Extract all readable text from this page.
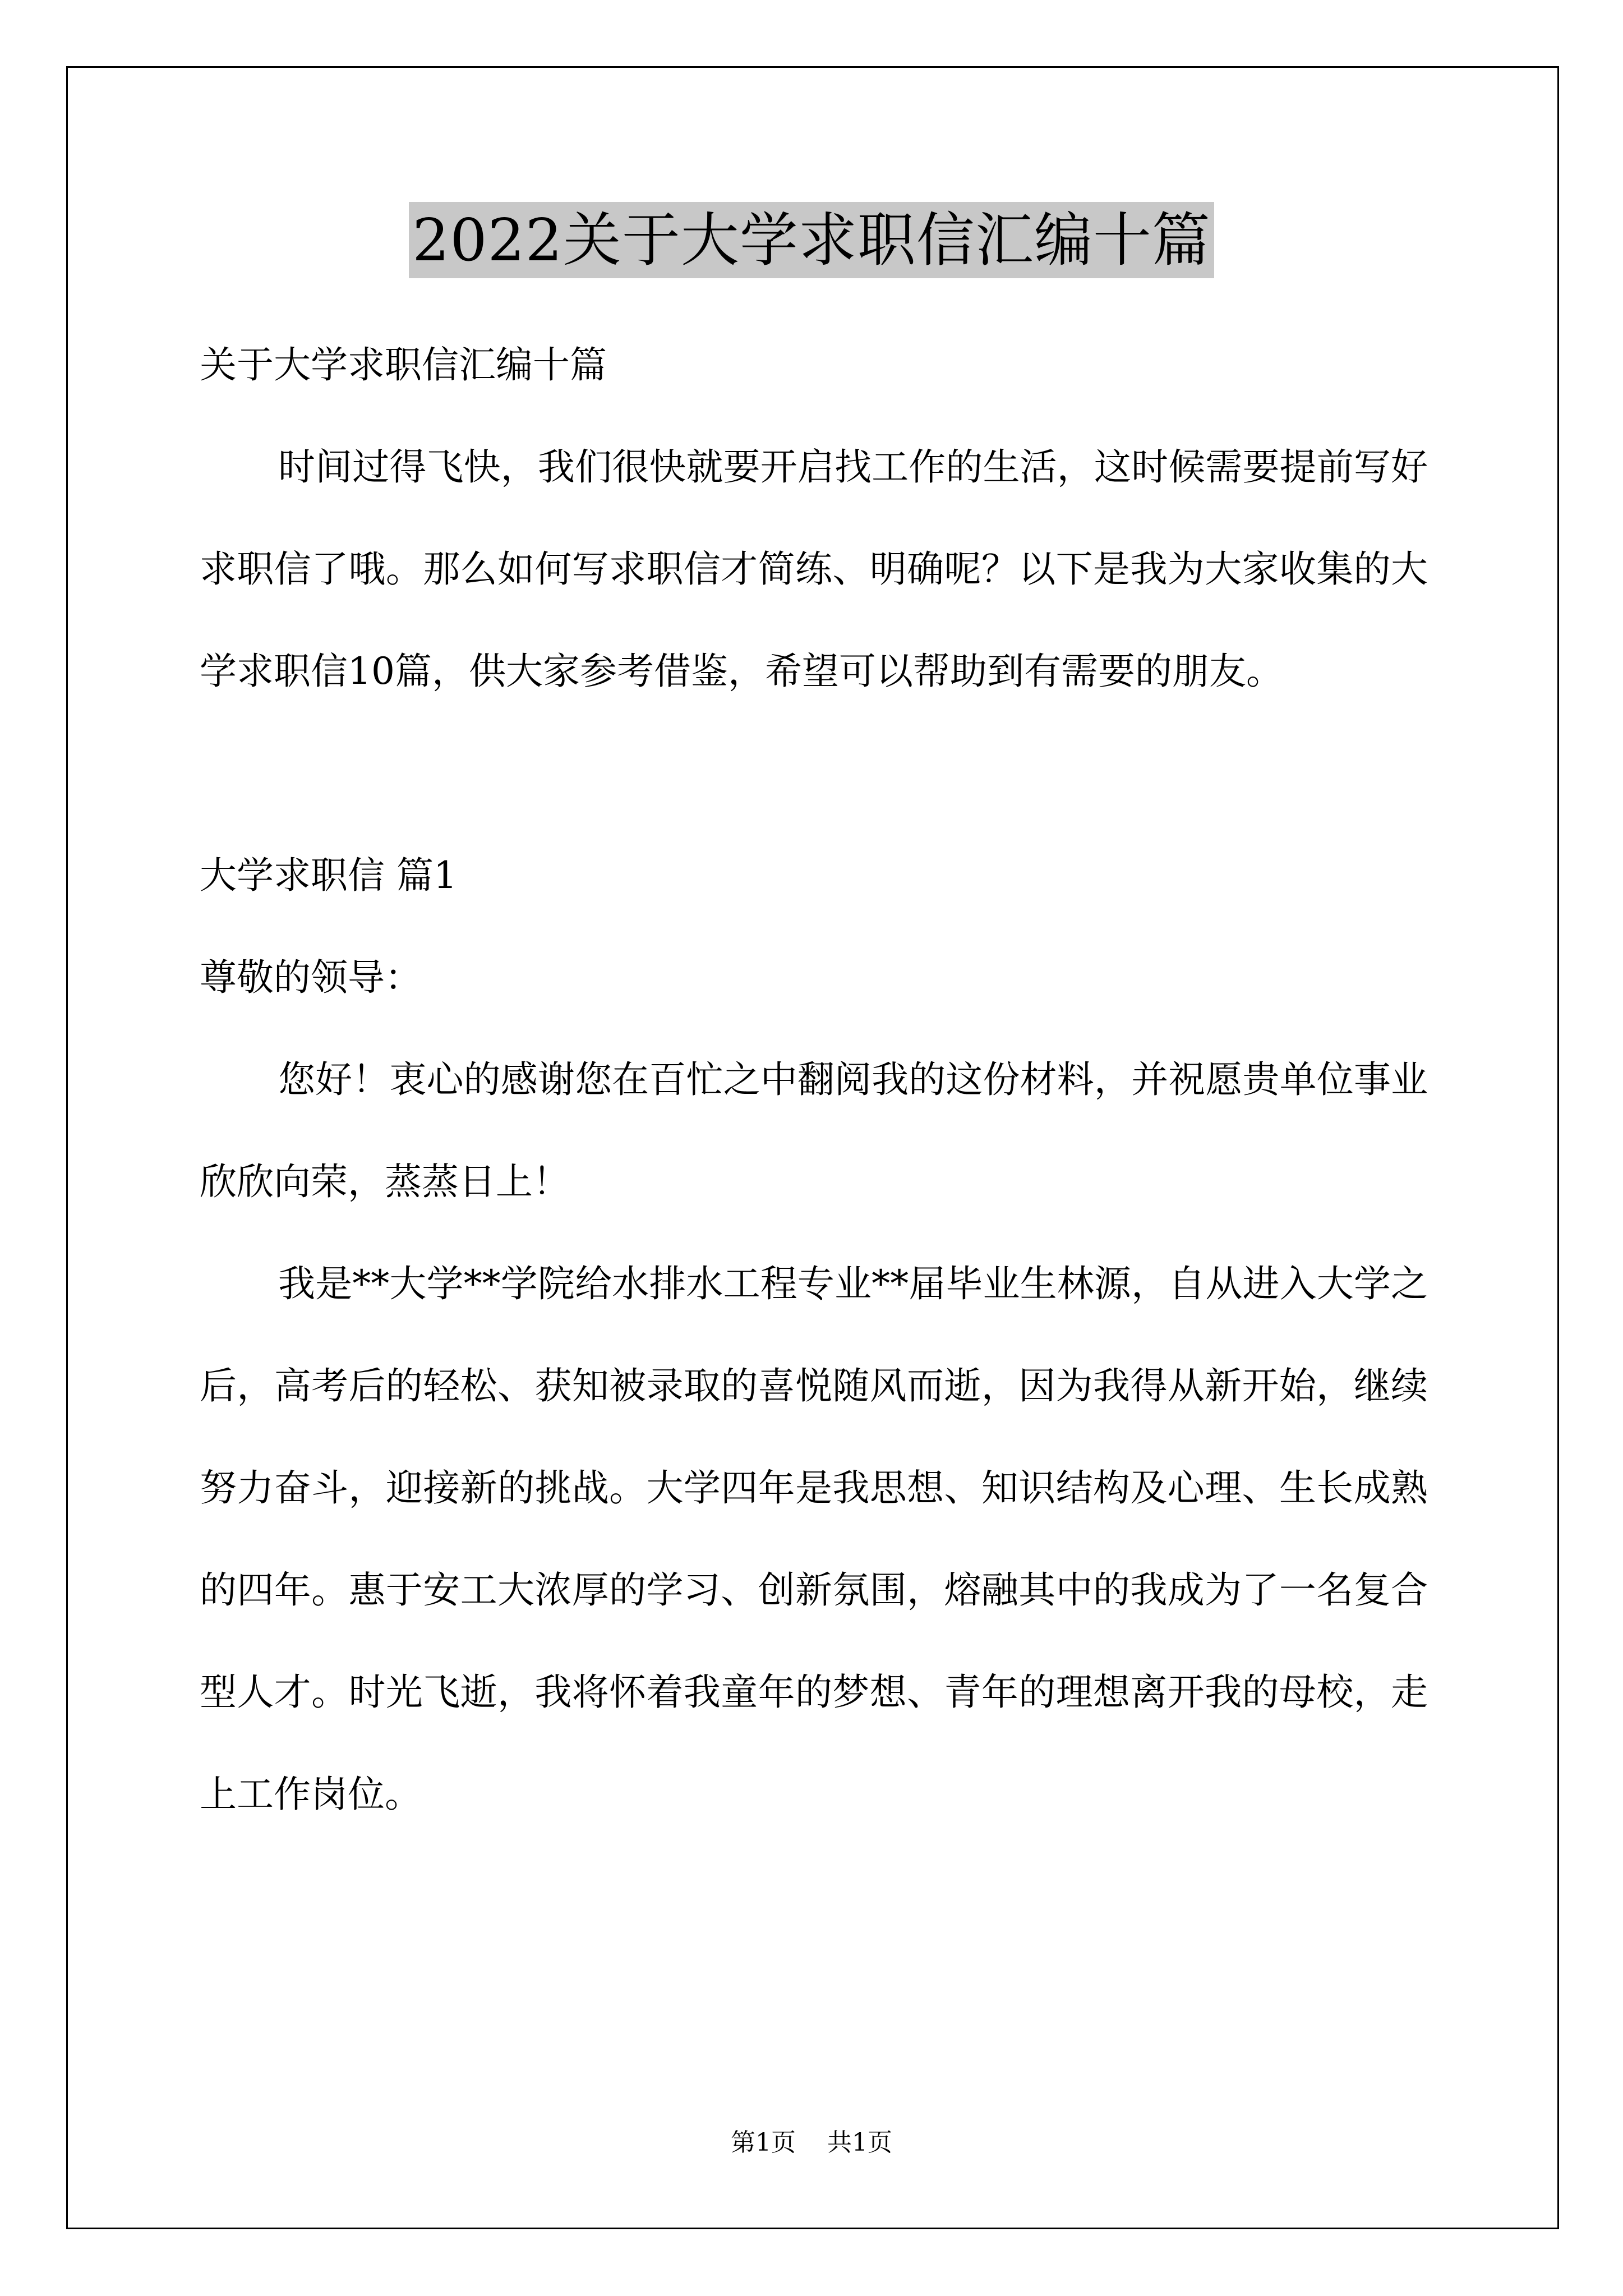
2022关于大学求职信汇编十篇

关于大学求职信汇编十篇

时间过得飞快，我们很快就要开启找工作的生活，这时候需要提前写好求职信了哦。那么如何写求职信才简练、明确呢？以下是我为大家收集的大学求职信10篇，供大家参考借鉴，希望可以帮助到有需要的朋友。

大学求职信 篇1

尊敬的领导：

您好！衷心的感谢您在百忙之中翻阅我的这份材料，并祝愿贵单位事业欣欣向荣，蒸蒸日上！

我是**大学**学院给水排水工程专业**届毕业生林源，自从进入大学之后，高考后的轻松、获知被录取的喜悦随风而逝，因为我得从新开始，继续努力奋斗，迎接新的挑战。大学四年是我思想、知识结构及心理、生长成熟的四年。惠于安工大浓厚的学习、创新氛围，熔融其中的我成为了一名复合型人才。时光飞逝，我将怀着我童年的梦想、青年的理想离开我的母校，走上工作岗位。

第1页 共1页
